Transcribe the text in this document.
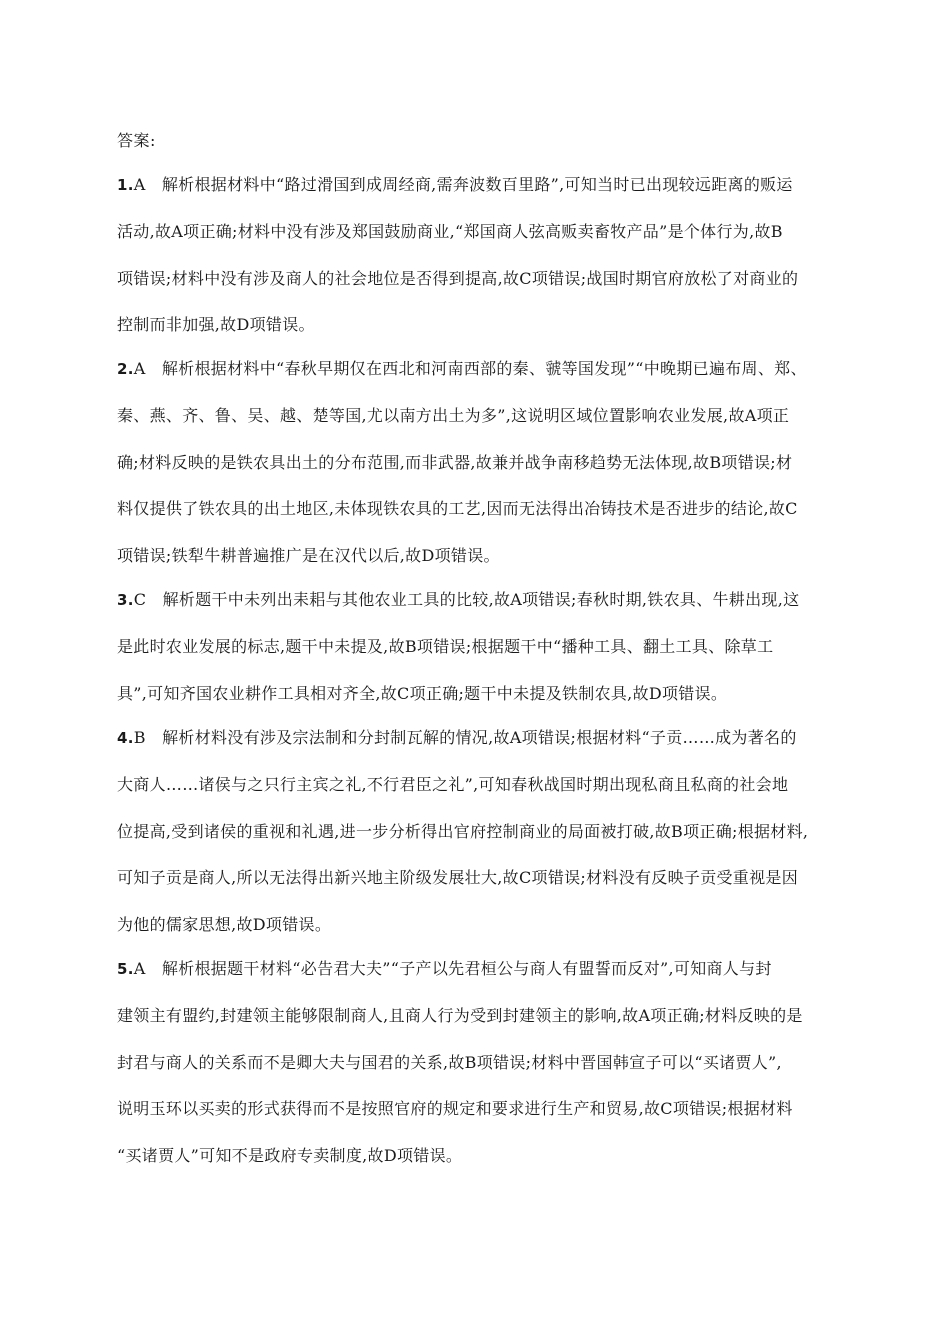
答案:
1.A　解析根据材料中“路过滑国到成周经商,需奔波数百里路”,可知当时已出现较远距离的贩运
活动,故A项正确;材料中没有涉及郑国鼓励商业,“郑国商人弦高贩卖畜牧产品”是个体行为,故B
项错误;材料中没有涉及商人的社会地位是否得到提高,故C项错误;战国时期官府放松了对商业的
控制而非加强,故D项错误。
2.A　解析根据材料中“春秋早期仅在西北和河南西部的秦、虢等国发现”“中晚期已遍布周、郑、
秦、燕、齐、鲁、吴、越、楚等国,尤以南方出土为多”,这说明区域位置影响农业发展,故A项正
确;材料反映的是铁农具出土的分布范围,而非武器,故兼并战争南移趋势无法体现,故B项错误;材
料仅提供了铁农具的出土地区,未体现铁农具的工艺,因而无法得出冶铸技术是否进步的结论,故C
项错误;铁犁牛耕普遍推广是在汉代以后,故D项错误。
3.C　解析题干中未列出耒耜与其他农业工具的比较,故A项错误;春秋时期,铁农具、牛耕出现,这
是此时农业发展的标志,题干中未提及,故B项错误;根据题干中“播种工具、翻土工具、除草工
具”,可知齐国农业耕作工具相对齐全,故C项正确;题干中未提及铁制农具,故D项错误。
4.B　解析材料没有涉及宗法制和分封制瓦解的情况,故A项错误;根据材料“子贡……成为著名的
大商人……诸侯与之只行主宾之礼,不行君臣之礼”,可知春秋战国时期出现私商且私商的社会地
位提高,受到诸侯的重视和礼遇,进一步分析得出官府控制商业的局面被打破,故B项正确;根据材料,
可知子贡是商人,所以无法得出新兴地主阶级发展壮大,故C项错误;材料没有反映子贡受重视是因
为他的儒家思想,故D项错误。
5.A　解析根据题干材料“必告君大夫”“子产以先君桓公与商人有盟誓而反对”,可知商人与封
建领主有盟约,封建领主能够限制商人,且商人行为受到封建领主的影响,故A项正确;材料反映的是
封君与商人的关系而不是卿大夫与国君的关系,故B项错误;材料中晋国韩宣子可以“买诸贾人”,
说明玉环以买卖的形式获得而不是按照官府的规定和要求进行生产和贸易,故C项错误;根据材料
“买诸贾人”可知不是政府专卖制度,故D项错误。
